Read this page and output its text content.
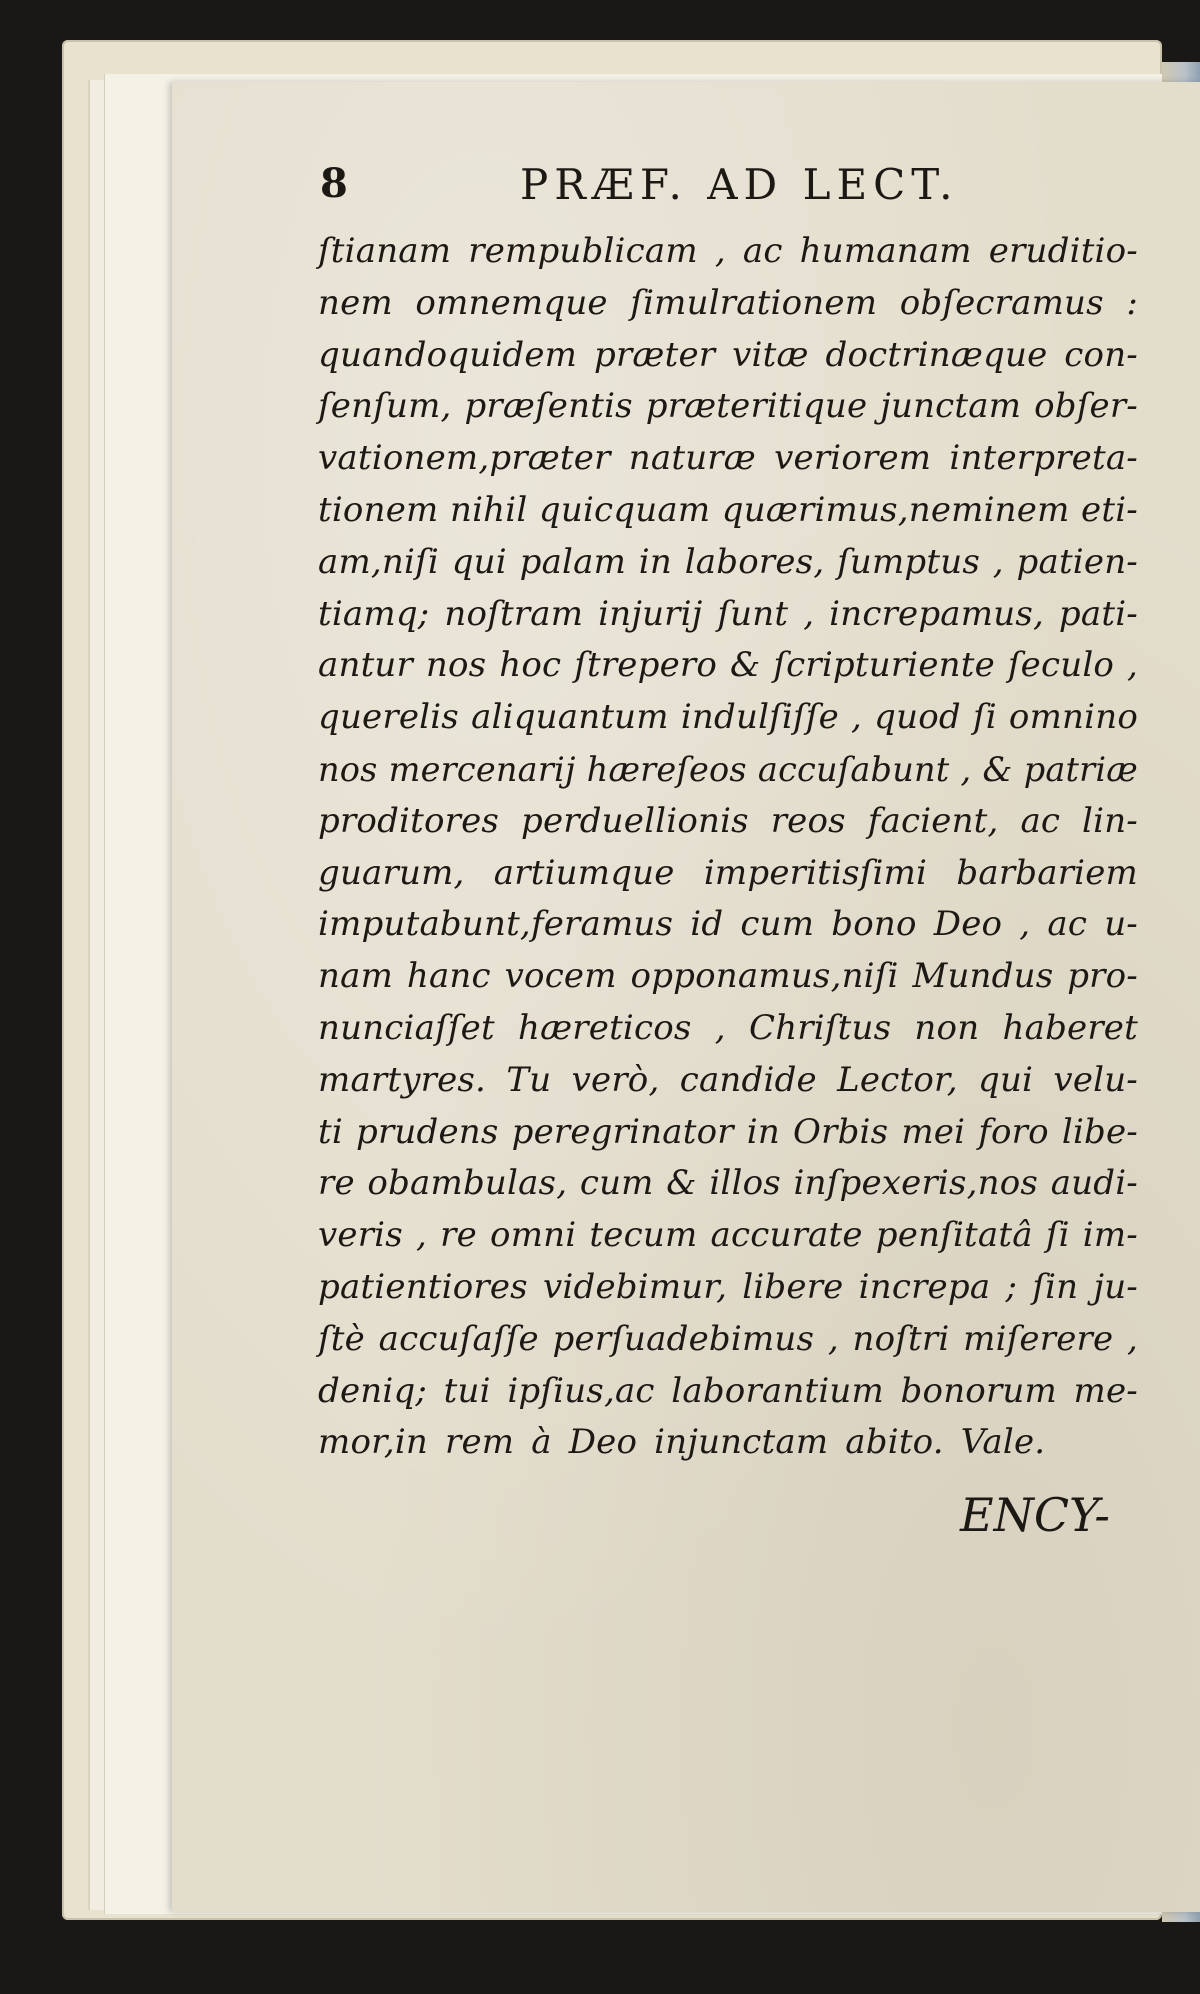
8	PRÆF. AD LECT.
ſtianam rempublicam , ac humanam eruditio-
nem omnemque ſimulrationem obſecramus :
quandoquidem præter vitæ doctrinæque con-
ſenſum, præſentis præteritique junctam obſer-
vationem,præter naturæ veriorem interpreta-
tionem nihil quicquam quærimus,neminem eti-
am,niſi qui palam in labores, ſumptus , patien-
tiamq; noſtram injurij ſunt , increpamus, pati-
antur nos hoc ſtrepero & ſcripturiente ſeculo ,
querelis aliquantum indulſiſſe , quod ſi omnino
nos mercenarij hæreſeos accuſabunt , & patriæ
proditores perduellionis reos facient, ac lin-
guarum, artiumque imperitisſimi barbariem
imputabunt,feramus id cum bono Deo , ac u-
nam hanc vocem opponamus,niſi Mundus pro-
nunciaſſet hæreticos , Chriſtus non haberet
martyres. Tu verò, candide Lector, qui velu-
ti prudens peregrinator in Orbis mei foro libe-
re obambulas, cum & illos inſpexeris,nos audi-
veris , re omni tecum accurate penſitatâ ſi im-
patientiores videbimur, libere increpa ; ſin ju-
ſtè accuſaſſe perſuadebimus , noſtri miſerere ,
deniq; tui ipſius,ac laborantium bonorum me-
mor,in rem à Deo injunctam abito. Vale.
ENCY-
